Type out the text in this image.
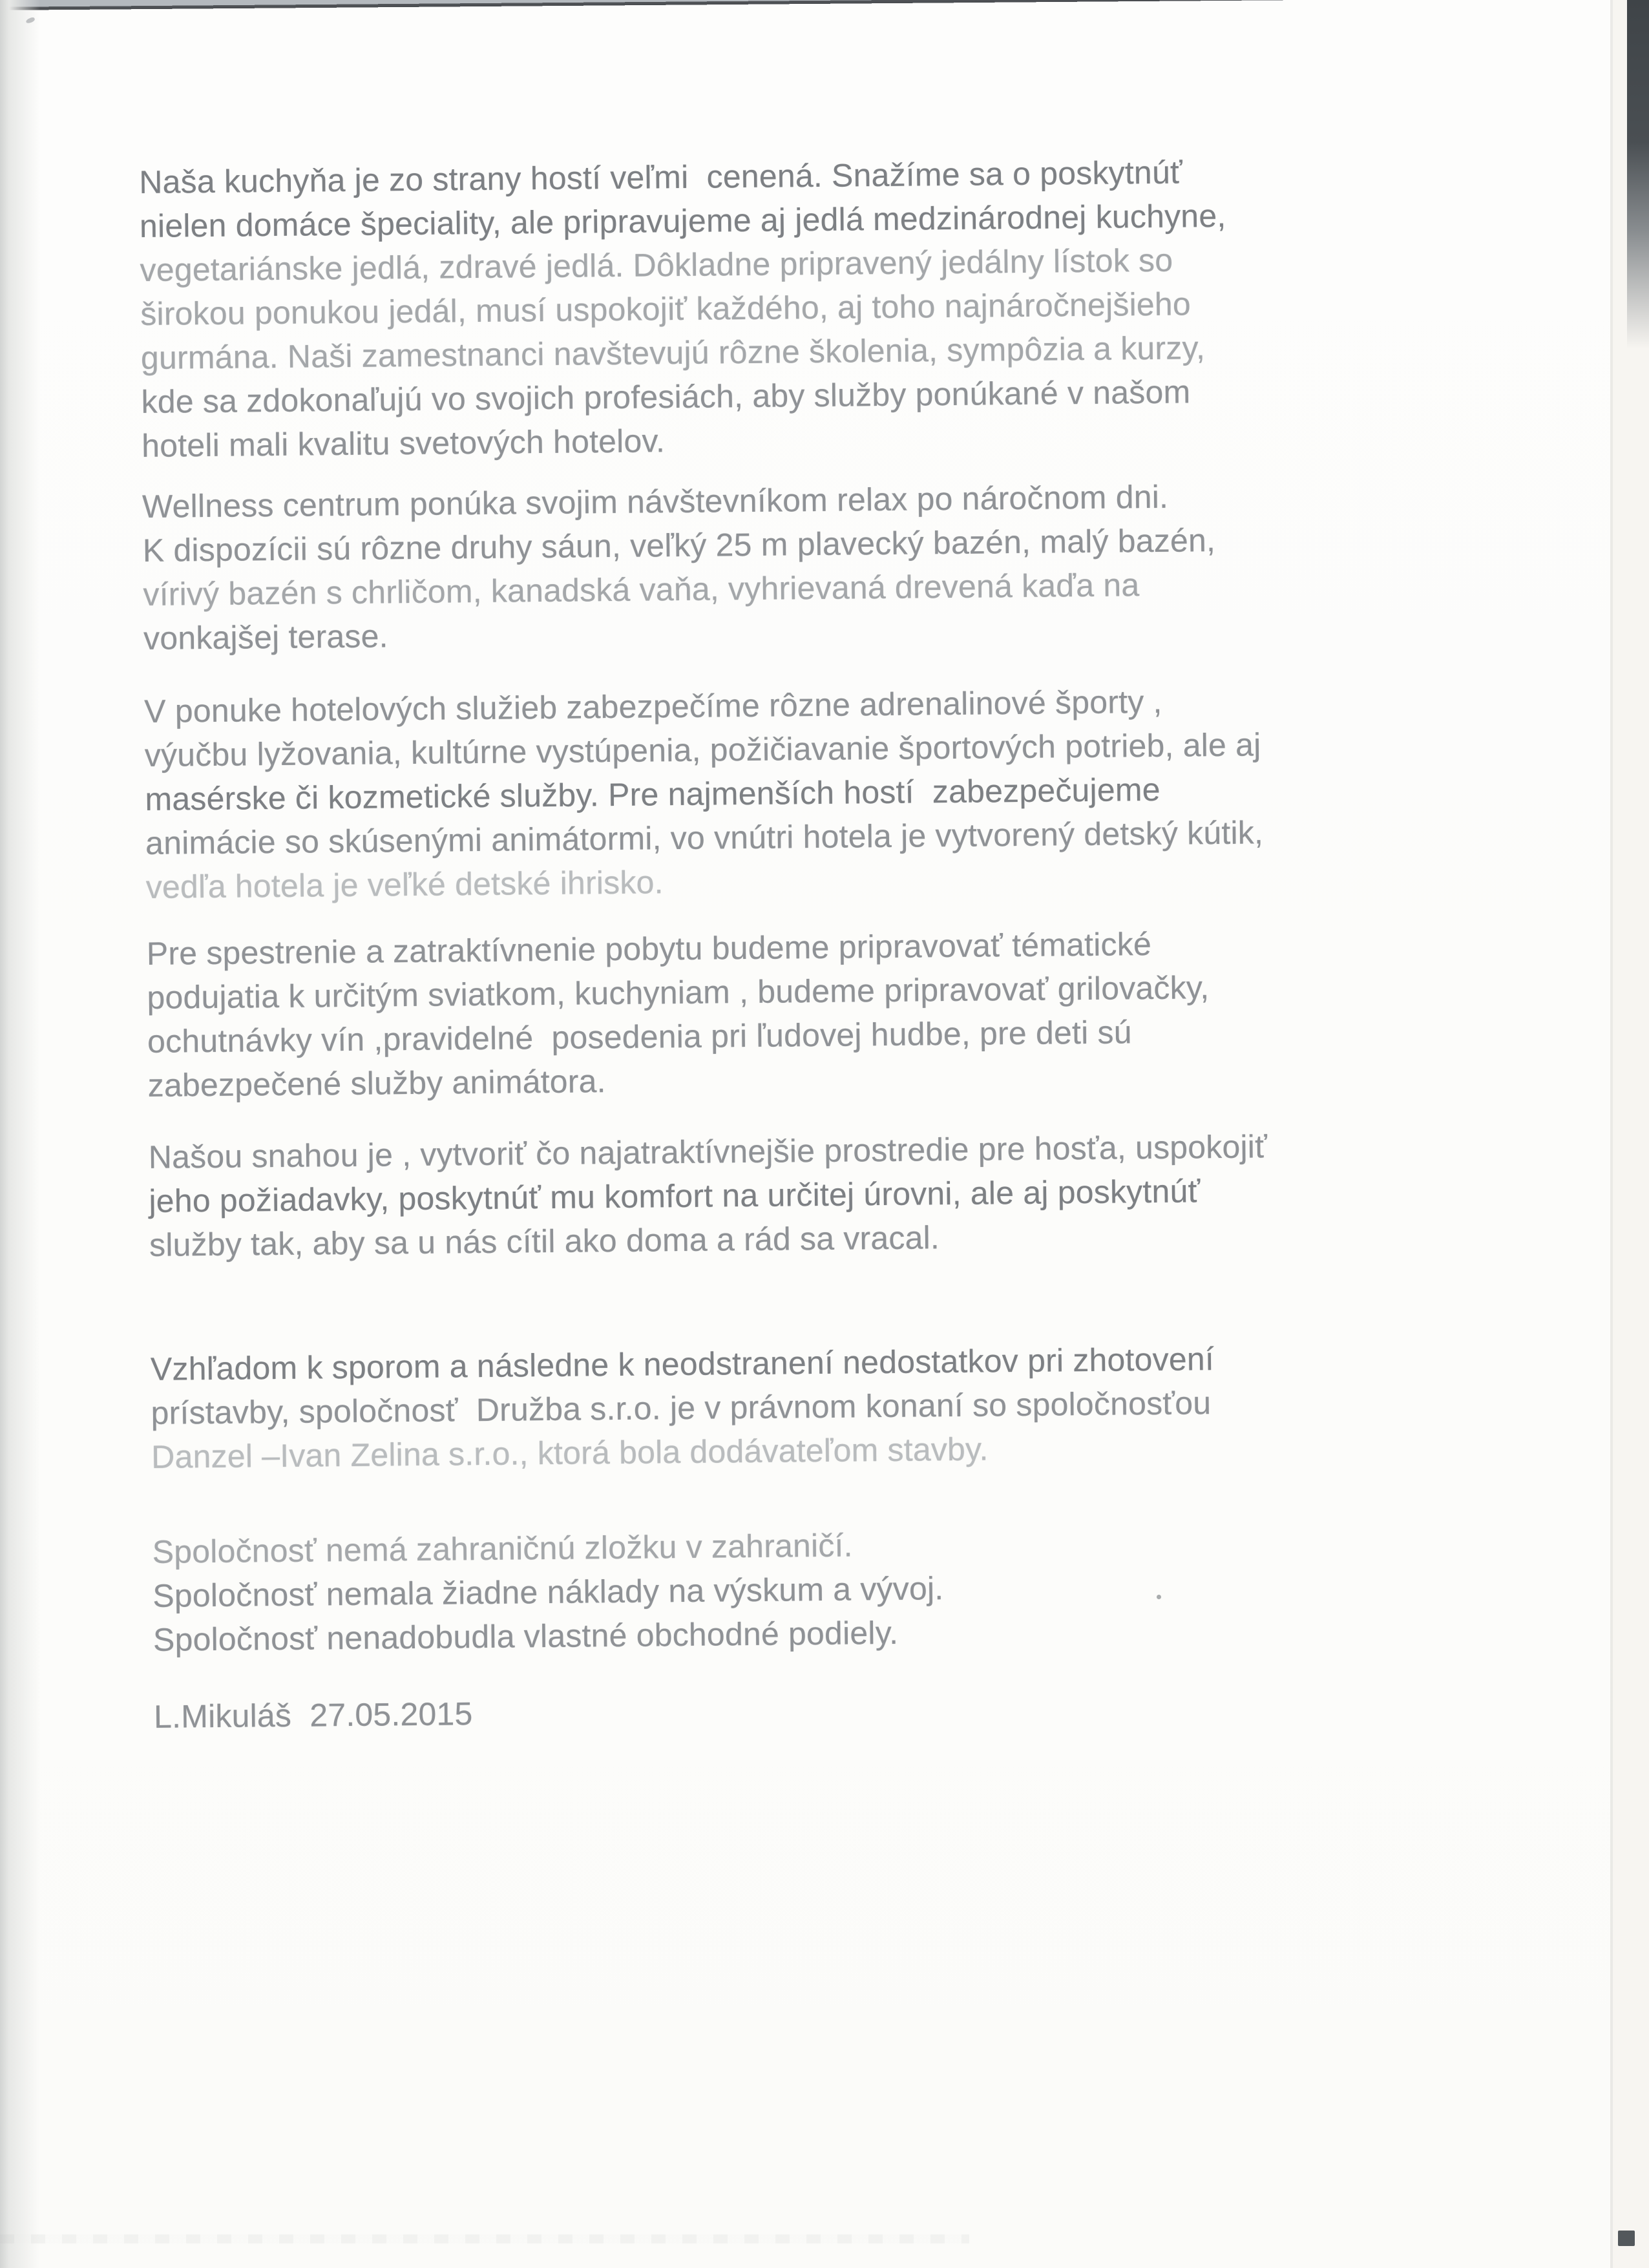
Naša kuchyňa je zo strany hostí veľmi  cenená. Snažíme sa o poskytnúť
nielen domáce špeciality, ale pripravujeme aj jedlá medzinárodnej kuchyne,
vegetariánske jedlá, zdravé jedlá. Dôkladne pripravený jedálny lístok so
širokou ponukou jedál, musí uspokojiť každého, aj toho najnáročnejšieho
gurmána. Naši zamestnanci navštevujú rôzne školenia, sympôzia a kurzy,
kde sa zdokonaľujú vo svojich profesiách, aby služby ponúkané v našom
hoteli mali kvalitu svetových hotelov.
Wellness centrum ponúka svojim návštevníkom relax po náročnom dni.
K dispozícii sú rôzne druhy sáun, veľký 25 m plavecký bazén, malý bazén,
vírivý bazén s chrličom, kanadská vaňa, vyhrievaná drevená kaďa na
vonkajšej terase.
V ponuke hotelových služieb zabezpečíme rôzne adrenalinové športy ,
výučbu lyžovania, kultúrne vystúpenia, požičiavanie športových potrieb, ale aj
masérske či kozmetické služby. Pre najmenších hostí  zabezpečujeme
animácie so skúsenými animátormi, vo vnútri hotela je vytvorený detský kútik,
vedľa hotela je veľké detské ihrisko.
Pre spestrenie a zatraktívnenie pobytu budeme pripravovať tématické
podujatia k určitým sviatkom, kuchyniam , budeme pripravovať grilovačky,
ochutnávky vín ,pravidelné  posedenia pri ľudovej hudbe, pre deti sú
zabezpečené služby animátora.
Našou snahou je , vytvoriť čo najatraktívnejšie prostredie pre hosťa, uspokojiť
jeho požiadavky, poskytnúť mu komfort na určitej úrovni, ale aj poskytnúť
služby tak, aby sa u nás cítil ako doma a rád sa vracal.
Vzhľadom k sporom a následne k neodstranení nedostatkov pri zhotovení
prístavby, spoločnosť  Družba s.r.o. je v právnom konaní so spoločnosťou
Danzel –Ivan Zelina s.r.o., ktorá bola dodávateľom stavby.
Spoločnosť nemá zahraničnú zložku v zahraničí.
Spoločnosť nemala žiadne náklady na výskum a vývoj.
Spoločnosť nenadobudla vlastné obchodné podiely.
L.Mikuláš  27.05.2015
